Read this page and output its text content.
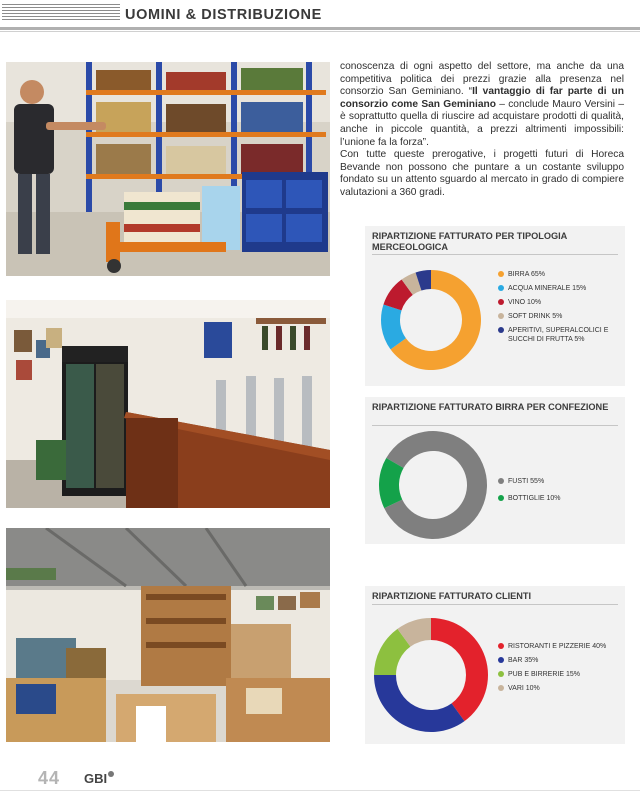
UOMINI & DISTRIBUZIONE

conoscenza di ogni aspetto del settore, ma anche da una competitiva politica dei prezzi grazie alla presenza nel consorzio San Geminiano. “Il vantaggio di far parte di un consorzio come San Geminiano – conclude Mauro Versini – è soprattutto quella di riuscire ad acquistare prodotti di qualità, anche in piccole quantità, a prezzi altrimenti impossibili: l’unione fa la forza”.

Con tutte queste prerogative, i progetti futuri di Horeca Bevande non possono che puntare a un costante sviluppo fondato su un attento sguardo al mercato in grado di compiere valutazioni a 360 gradi.

RIPARTIZIONE FATTURATO PER TIPOLOGIA MERCEOLOGICA
BIRRA 65%
ACQUA MINERALE 15%
VINO 10%
SOFT DRINK 5%
APERITIVI, SUPERALCOLICI E SUCCHI DI FRUTTA 5%
RIPARTIZIONE FATTURATO BIRRA PER CONFEZIONE
FUSTI 55%
BOTTIGLIE 10%
RIPARTIZIONE FATTURATO CLIENTI
RISTORANTI E PIZZERIE 40%
BAR 35%
PUB E BIRRERIE 15%
VARI 10%
44 GBI
